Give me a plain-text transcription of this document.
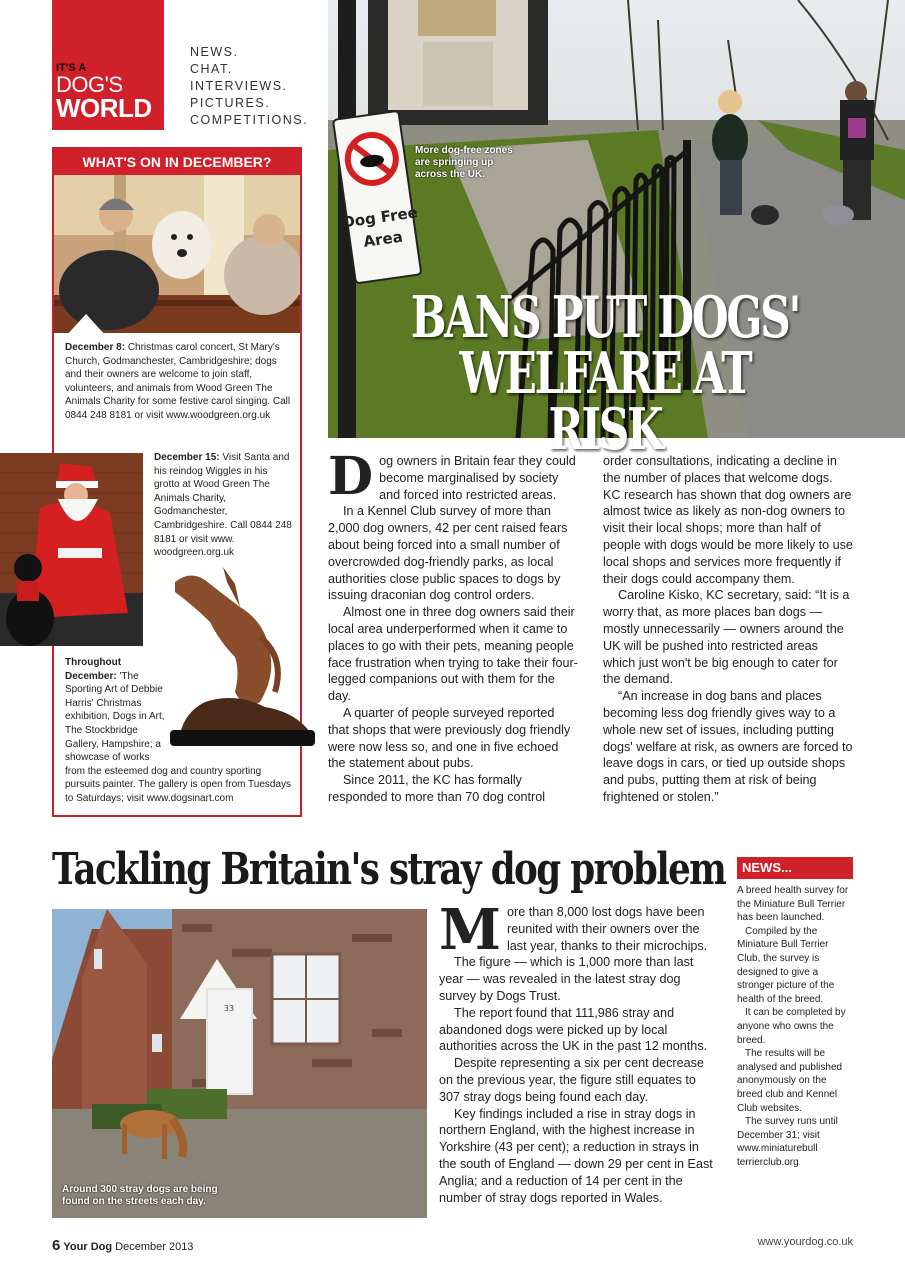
IT'S A
DOG'S
WORLD
NEWS.
CHAT.
INTERVIEWS.
PICTURES.
COMPETITIONS.
WHAT'S ON IN DECEMBER?
December 8: Christmas carol concert, St Mary's Church, Godmanchester, Cambridgeshire; dogs and their owners are welcome to join staff, volunteers, and animals from Wood Green The Animals Charity for some festive carol singing. Call 0844 248 8181 or visit www.woodgreen.org.uk
December 15: Visit Santa and his reindog Wiggles in his grotto at Wood Green The Animals Charity, Godmanchester, Cambridgeshire. Call 0844 248 8181 or visit www. woodgreen.org.uk
Throughout December: 'The Sporting Art of Debbie Harris' Christmas exhibition, Dogs in Art, The Stockbridge Gallery, Hampshire; a showcase of works from the esteemed dog and country sporting pursuits painter. The gallery is open from Tuesdays to Saturdays; visit www.dogsinart.com
Dog Free
Area
More dog-free zones are springing up across the UK.
BANS PUT DOGS'
WELFARE AT RISK
D og owners in Britain fear they could become marginalised by society and forced into restricted areas.

In a Kennel Club survey of more than 2,000 dog owners, 42 per cent raised fears about being forced into a small number of overcrowded dog-friendly parks, as local authorities close public spaces to dogs by issuing draconian dog control orders.

Almost one in three dog owners said their local area underperformed when it came to places to go with their pets, meaning people face frustration when trying to take their four-legged companions out with them for the day.

A quarter of people surveyed reported that shops that were previously dog friendly were now less so, and one in five echoed the statement about pubs.

Since 2011, the KC has formally responded to more than 70 dog control

order consultations, indicating a decline in the number of places that welcome dogs. KC research has shown that dog owners are almost twice as likely as non-dog owners to visit their local shops; more than half of people with dogs would be more likely to use local shops and services more frequently if their dogs could accompany them.

Caroline Kisko, KC secretary, said: “It is a worry that, as more places ban dogs — mostly unnecessarily — owners around the UK will be pushed into restricted areas which just won't be big enough to cater for the demand.

“An increase in dog bans and places becoming less dog friendly gives way to a whole new set of issues, including putting dogs' welfare at risk, as owners are forced to leave dogs in cars, or tied up outside shops and pubs, putting them at risk of being frightened or stolen.”

Tackling Britain's stray dog problem
33
Around 300 stray dogs are being found on the streets each day.
M ore than 8,000 lost dogs have been reunited with their owners over the last year, thanks to their microchips.

The figure — which is 1,000 more than last year — was revealed in the latest stray dog survey by Dogs Trust.

The report found that 111,986 stray and abandoned dogs were picked up by local authorities across the UK in the past 12 months.

Despite representing a six per cent decrease on the previous year, the figure still equates to 307 stray dogs being found each day.

Key findings included a rise in stray dogs in northern England, with the highest increase in Yorkshire (43 per cent); a reduction in strays in the south of England — down 29 per cent in East Anglia; and a reduction of 14 per cent in the number of stray dogs reported in Wales.

NEWS...

A breed health survey for the Miniature Bull Terrier has been launched.

Compiled by the Miniature Bull Terrier Club, the survey is designed to give a stronger picture of the health of the breed.

It can be completed by anyone who owns the breed.

The results will be analysed and published anonymously on the breed club and Kennel Club websites.

The survey runs until December 31; visit www.miniaturebull terrierclub.org

6 Your Dog December 2013	www.yourdog.co.uk
